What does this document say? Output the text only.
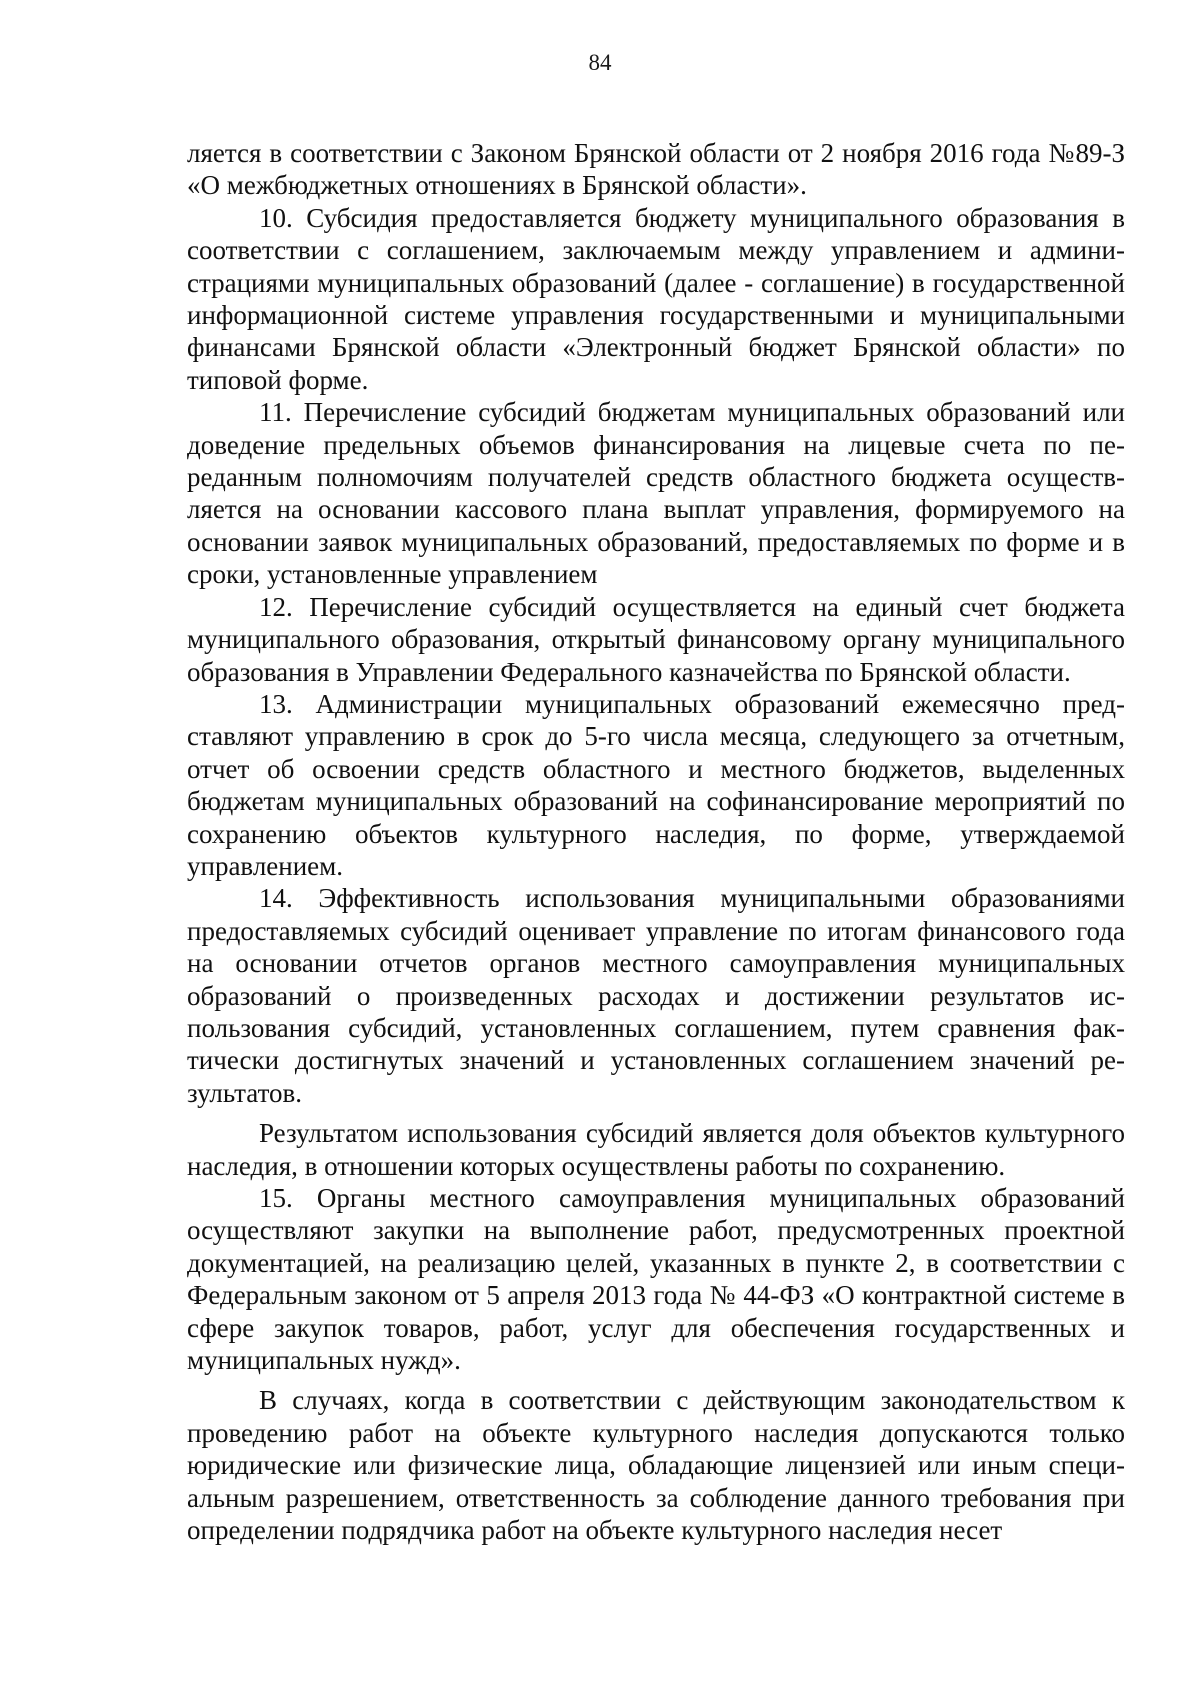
84

ляется в соответствии с Законом Брянской области от 2 ноября 2016 года №89-З «О межбюджетных отношениях в Брянской области».

10. Субсидия предоставляется бюджету муниципального образования в соответствии с соглашением, заключаемым между управлением и администрациями муниципальных образований (далее - соглашение) в государственной информационной системе управления государственными и муниципальными финансами Брянской области «Электронный бюджет Брянской области» по типовой форме.

11. Перечисление субсидий бюджетам муниципальных образований или доведение предельных объемов финансирования на лицевые счета по переданным полномочиям получателей средств областного бюджета осуществляется на основании кассового плана выплат управления, формируемого на основании заявок муниципальных образований, предоставляемых по форме и в сроки, установленные управлением

12. Перечисление субсидий осуществляется на единый счет бюджета муниципального образования, открытый финансовому органу муниципального образования в Управлении Федерального казначейства по Брянской области.

13. Администрации муниципальных образований ежемесячно представляют управлению в срок до 5-го числа месяца, следующего за отчетным, отчет об освоении средств областного и местного бюджетов, выделенных бюджетам муниципальных образований на софинансирование мероприятий по сохранению объектов культурного наследия, по форме, утверждаемой управлением.

14. Эффективность использования муниципальными образованиями предоставляемых субсидий оценивает управление по итогам финансового года на основании отчетов органов местного самоуправления муниципальных образований о произведенных расходах и достижении результатов использования субсидий, установленных соглашением, путем сравнения фактически достигнутых значений и установленных соглашением значений результатов.

Результатом использования субсидий является доля объектов культурного наследия, в отношении которых осуществлены работы по сохранению.

15. Органы местного самоуправления муниципальных образований осуществляют закупки на выполнение работ, предусмотренных проектной документацией, на реализацию целей, указанных в пункте 2, в соответствии с Федеральным законом от 5 апреля 2013 года № 44-ФЗ «О контрактной системе в сфере закупок товаров, работ, услуг для обеспечения государственных и муниципальных нужд».

В случаях, когда в соответствии с действующим законодательством к проведению работ на объекте культурного наследия допускаются только юридические или физические лица, обладающие лицензией или иным специальным разрешением, ответственность за соблюдение данного требования при определении подрядчика работ на объекте культурного наследия несет
